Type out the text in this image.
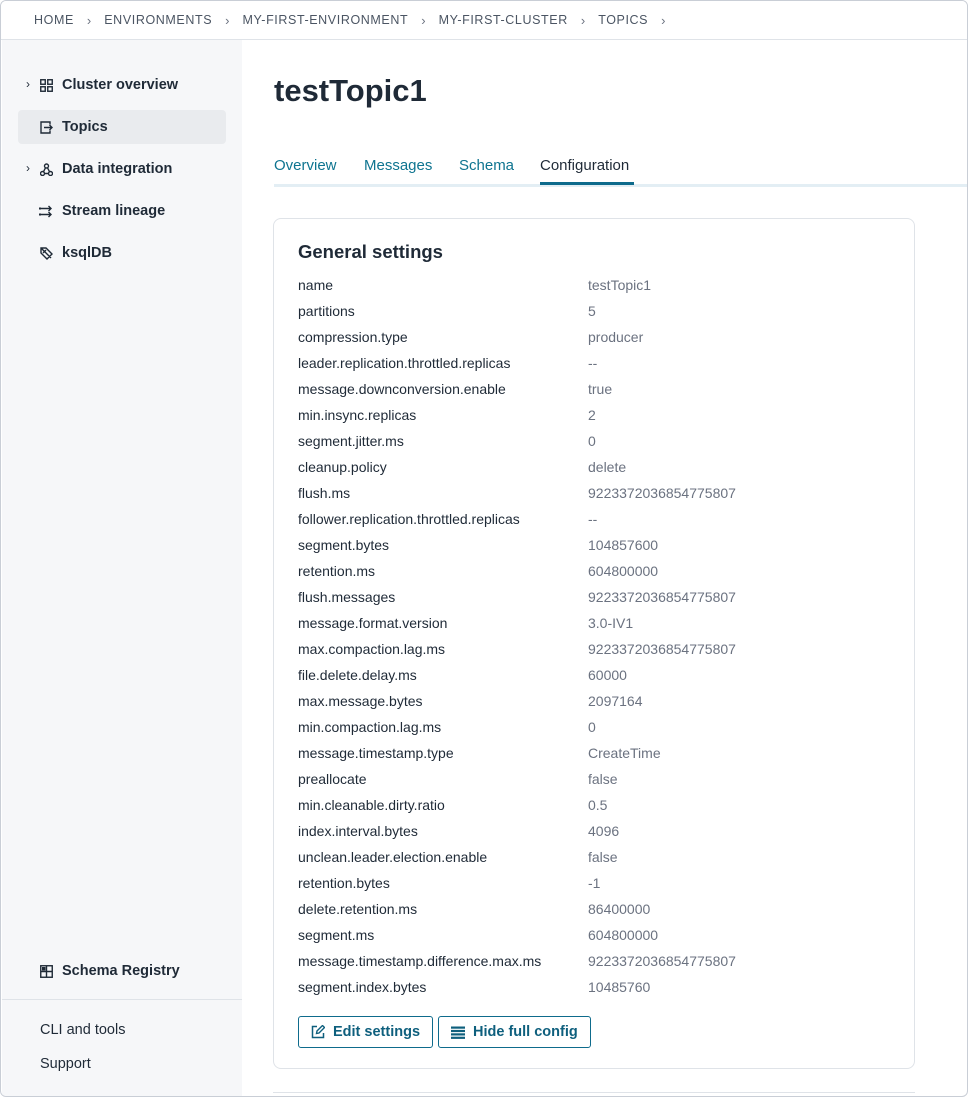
HOME › ENVIRONMENTS › MY-FIRST-ENVIRONMENT › MY-FIRST-CLUSTER › TOPICS ›
› Cluster overview
Topics
› Data integration
Stream lineage
ksqlDB
Schema Registry
CLI and tools
Support
testTopic1
Overview Messages Schema Configuration
General settings
name	testTopic1
partitions	5
compression.type	producer
leader.replication.throttled.replicas	--
message.downconversion.enable	true
min.insync.replicas	2
segment.jitter.ms	0
cleanup.policy	delete
flush.ms	9223372036854775807
follower.replication.throttled.replicas	--
segment.bytes	104857600
retention.ms	604800000
flush.messages	9223372036854775807
message.format.version	3.0-IV1
max.compaction.lag.ms	9223372036854775807
file.delete.delay.ms	60000
max.message.bytes	2097164
min.compaction.lag.ms	0
message.timestamp.type	CreateTime
preallocate	false
min.cleanable.dirty.ratio	0.5
index.interval.bytes	4096
unclean.leader.election.enable	false
retention.bytes	-1
delete.retention.ms	86400000
segment.ms	604800000
message.timestamp.difference.max.ms	9223372036854775807
segment.index.bytes	10485760
Edit settings	Hide full config
